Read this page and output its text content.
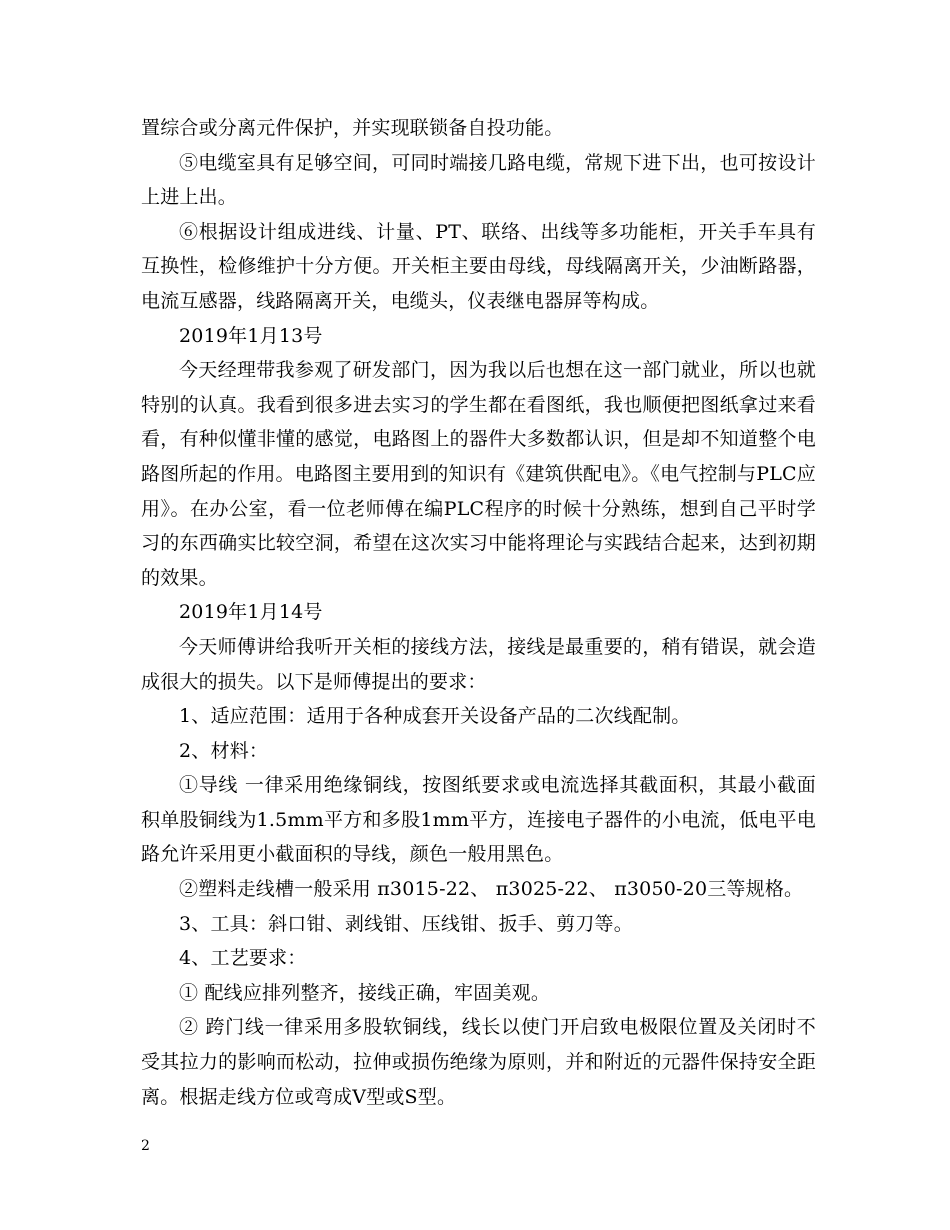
置综合或分离元件保护，并实现联锁备自投功能。

⑤电缆室具有足够空间，可同时端接几路电缆，常规下进下出，也可按设计上进上出。

⑥根据设计组成进线、计量、PT、联络、出线等多功能柜，开关手车具有互换性，检修维护十分方便。开关柜主要由母线，母线隔离开关，少油断路器，电流互感器，线路隔离开关，电缆头，仪表继电器屏等构成。

2019年1月13号

今天经理带我参观了研发部门，因为我以后也想在这一部门就业，所以也就特别的认真。我看到很多进去实习的学生都在看图纸，我也顺便把图纸拿过来看看，有种似懂非懂的感觉，电路图上的器件大多数都认识，但是却不知道整个电路图所起的作用。电路图主要用到的知识有《建筑供配电》。《电气控制与PLC应用》。在办公室，看一位老师傅在编PLC程序的时候十分熟练，想到自己平时学习的东西确实比较空洞，希望在这次实习中能将理论与实践结合起来，达到初期的效果。

2019年1月14号

今天师傅讲给我听开关柜的接线方法，接线是最重要的，稍有错误，就会造成很大的损失。以下是师傅提出的要求：

1、适应范围：适用于各种成套开关设备产品的二次线配制。

2、材料：

①导线 一律采用绝缘铜线，按图纸要求或电流选择其截面积，其最小截面积单股铜线为1.5mm平方和多股1mm平方，连接电子器件的小电流，低电平电路允许采用更小截面积的导线，颜色一般用黑色。

②塑料走线槽一般采用 π3015-22、 π3025-22、 π3050-20三等规格。

3、工具：斜口钳、剥线钳、压线钳、扳手、剪刀等。

4、工艺要求：

① 配线应排列整齐，接线正确，牢固美观。

② 跨门线一律采用多股软铜线，线长以使门开启致电极限位置及关闭时不受其拉力的影响而松动，拉伸或损伤绝缘为原则，并和附近的元器件保持安全距离。根据走线方位或弯成V型或S型。

2
